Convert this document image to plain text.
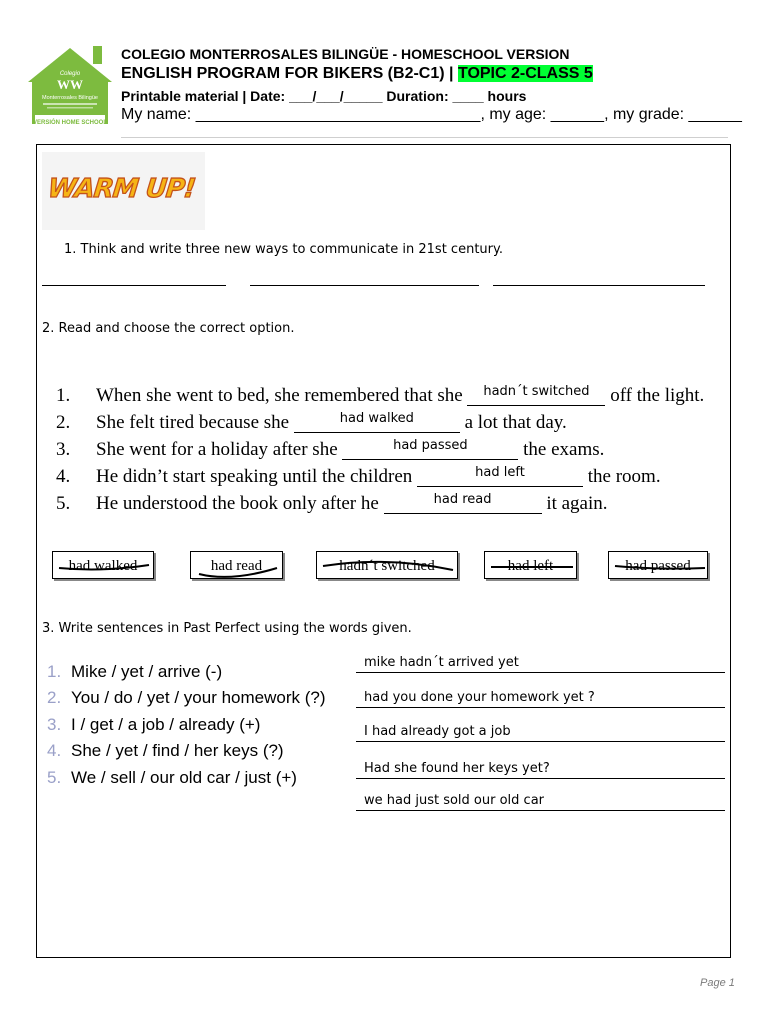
Colegio
WW
Monterrosales Bilingüe
VERSIÓN HOME SCHOOL
COLEGIO MONTERROSALES BILINGÜE - HOMESCHOOL VERSION
ENGLISH PROGRAM FOR BIKERS (B2-C1) | TOPIC 2-CLASS 5
Printable material | Date: ___/___/_____ Duration: ____ hours
My name: ________________________________, my age: ______, my grade: ______
WARM UP!
1. Think and write three new ways to communicate in 21st century.
2. Read and choose the correct option.
1. When she went to bed, she remembered that she hadn´t switched off the light.
2. She felt tired because she	had walked a lot that day.
3. She went for a holiday after she	had passed	the exams.
4. He didn’t start speaking until the children	had left	the room.
5. He understood the book only after he	had read	it again.
had walked	had read	hadn´t switched	had left	had passed
3. Write sentences in Past Perfect using the words given.
1. Mike / yet / arrive (-)
2. You / do / yet / your homework (?)
3. I / get / a job / already (+)
4. She / yet / find / her keys (?)
5. We / sell / our old car / just (+)
mike hadn´t arrived yet
had you done your homework yet ?
I had already got a job
Had she found her keys yet?
we had just sold our old car
Page 1
